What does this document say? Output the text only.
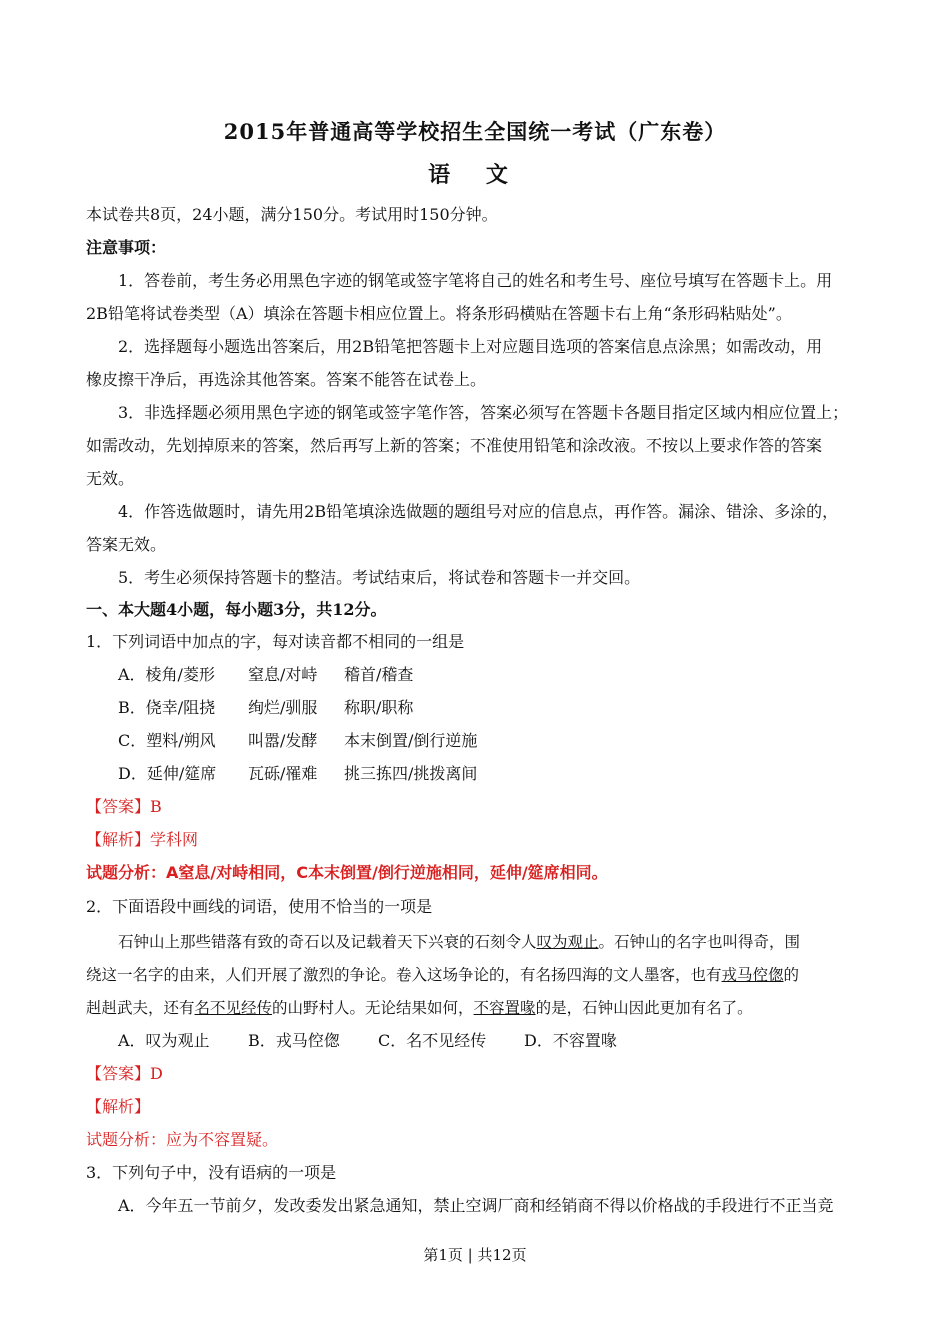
2015年普通高等学校招生全国统一考试（广东卷）
语 文
本试卷共8页，24小题，满分150分。考试用时150分钟。
注意事项：
1．答卷前，考生务必用黑色字迹的钢笔或签字笔将自己的姓名和考生号、座位号填写在答题卡上。用
2B铅笔将试卷类型（A）填涂在答题卡相应位置上。将条形码横贴在答题卡右上角“条形码粘贴处”。
2．选择题每小题选出答案后，用2B铅笔把答题卡上对应题目选项的答案信息点涂黑；如需改动，用
橡皮擦干净后，再选涂其他答案。答案不能答在试卷上。
3．非选择题必须用黑色字迹的钢笔或签字笔作答，答案必须写在答题卡各题目指定区域内相应位置上；
如需改动，先划掉原来的答案，然后再写上新的答案；不准使用铅笔和涂改液。不按以上要求作答的答案
无效。
4．作答选做题时，请先用2B铅笔填涂选做题的题组号对应的信息点，再作答。漏涂、错涂、多涂的，
答案无效。
5．考生必须保持答题卡的整洁。考试结束后，将试卷和答题卡一并交回。
一、本大题4小题，每小题3分，共12分。
1．下列词语中加点的字，每对读音都不相同的一组是
A．棱角/菱形 窒息/对峙 稽首/稽查
B．侥幸/阻挠 绚烂/驯服 称职/职称
C．塑料/朔风 叫嚣/发酵 本末倒置/倒行逆施
D．延伸/筵席 瓦砾/罹难 挑三拣四/挑拨离间
【答案】B
【解析】学科网
试题分析：A窒息/对峙相同，C本末倒置/倒行逆施相同，延伸/筵席相同。
2．下面语段中画线的词语，使用不恰当的一项是
石钟山上那些错落有致的奇石以及记载着天下兴衰的石刻令人叹为观止。石钟山的名字也叫得奇，围
绕这一名字的由来，人们开展了激烈的争论。卷入这场争论的，有名扬四海的文人墨客，也有戎马倥偬的
赳赳武夫，还有名不见经传的山野村人。无论结果如何，不容置喙的是，石钟山因此更加有名了。
A．叹为观止 B．戎马倥偬 C．名不见经传 D．不容置喙
【答案】D
【解析】
试题分析：应为不容置疑。
3．下列句子中，没有语病的一项是
A．今年五一节前夕，发改委发出紧急通知，禁止空调厂商和经销商不得以价格战的手段进行不正当竞
第1页 | 共12页
